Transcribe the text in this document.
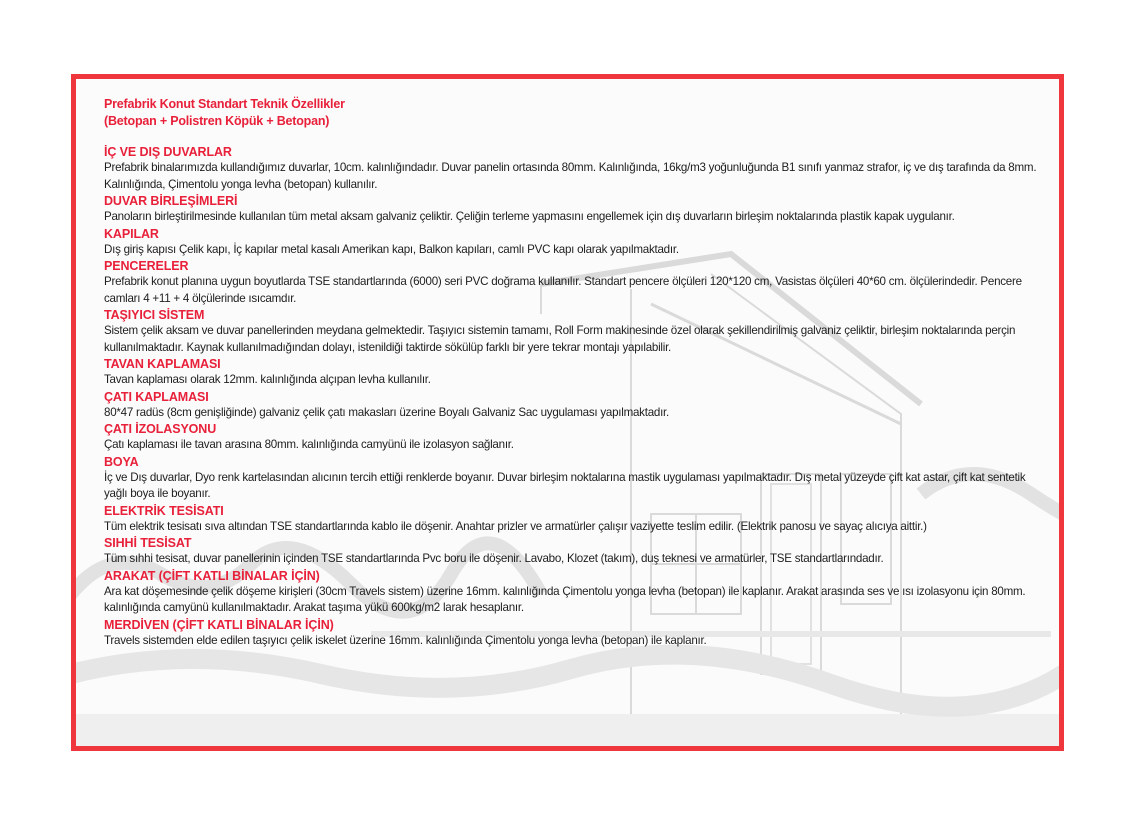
Prefabrik Konut Standart Teknik Özellikler
(Betopan + Polistren Köpük + Betopan)
İÇ VE DIŞ DUVARLAR
Prefabrik binalarımızda kullandığımız duvarlar, 10cm. kalınlığındadır. Duvar panelin ortasında 80mm. Kalınlığında, 16kg/m3 yoğunluğunda B1 sınıfı yanmaz strafor, iç ve dış tarafında da 8mm. Kalınlığında, Çimentolu yonga levha (betopan) kullanılır.
DUVAR BİRLEŞİMLERİ
Panoların birleştirilmesinde kullanılan tüm metal aksam galvaniz çeliktir. Çeliğin terleme yapmasını engellemek için dış duvarların birleşim noktalarında plastik kapak uygulanır.
KAPILAR
Dış giriş kapısı Çelik kapı, İç kapılar metal kasalı Amerikan kapı, Balkon kapıları, camlı PVC kapı olarak yapılmaktadır.
PENCERELER
Prefabrik konut planına uygun boyutlarda TSE standartlarında (6000) seri PVC doğrama kullanılır. Standart pencere ölçüleri 120*120 cm, Vasistas ölçüleri 40*60 cm. ölçülerindedir. Pencere camları 4 +11 + 4 ölçülerinde ısıcamdır.
TAŞIYICI SİSTEM
Sistem çelik aksam ve duvar panellerinden meydana gelmektedir. Taşıyıcı sistemin tamamı, Roll Form makinesinde özel olarak şekillendirilmiş galvaniz çeliktir, birleşim noktalarında perçin kullanılmaktadır. Kaynak kullanılmadığından dolayı, istenildiği taktirde sökülüp farklı bir yere tekrar montajı yapılabilir.
TAVAN KAPLAMASI
Tavan kaplaması olarak 12mm. kalınlığında alçıpan levha kullanılır.
ÇATI KAPLAMASI
80*47 radüs (8cm genişliğinde) galvaniz çelik çatı makasları üzerine Boyalı Galvaniz Sac uygulaması yapılmaktadır.
ÇATI İZOLASYONU
Çatı kaplaması ile tavan arasına 80mm. kalınlığında camyünü ile izolasyon sağlanır.
BOYA
İç ve Dış duvarlar, Dyo renk kartelasından alıcının tercih ettiği renklerde boyanır. Duvar birleşim noktalarına mastik uygulaması yapılmaktadır. Dış metal yüzeyde çift kat astar, çift kat sentetik yağlı boya ile boyanır.
ELEKTRİK TESİSATI
Tüm elektrik tesisatı sıva altından TSE standartlarında kablo ile döşenir. Anahtar prizler ve armatürler çalışır vaziyette teslim edilir. (Elektrik panosu ve sayaç alıcıya aittir.)
SIHHİ TESİSAT
Tüm sıhhi tesisat, duvar panellerinin içinden TSE standartlarında Pvc boru ile döşenir. Lavabo, Klozet (takım), duş teknesi ve armatürler, TSE standartlarındadır.
ARAKAT (ÇİFT KATLI BİNALAR İÇİN)
Ara kat döşemesinde çelik döşeme kirişleri (30cm Travels sistem) üzerine 16mm. kalınlığında Çimentolu yonga levha (betopan) ile kaplanır. Arakat arasında ses ve ısı izolasyonu için 80mm. kalınlığında camyünü kullanılmaktadır. Arakat taşıma yükü 600kg/m2 larak hesaplanır.
MERDİVEN (ÇİFT KATLI BİNALAR İÇİN)
Travels sistemden elde edilen taşıyıcı çelik iskelet üzerine 16mm. kalınlığında Çimentolu yonga levha (betopan) ile kaplanır.
